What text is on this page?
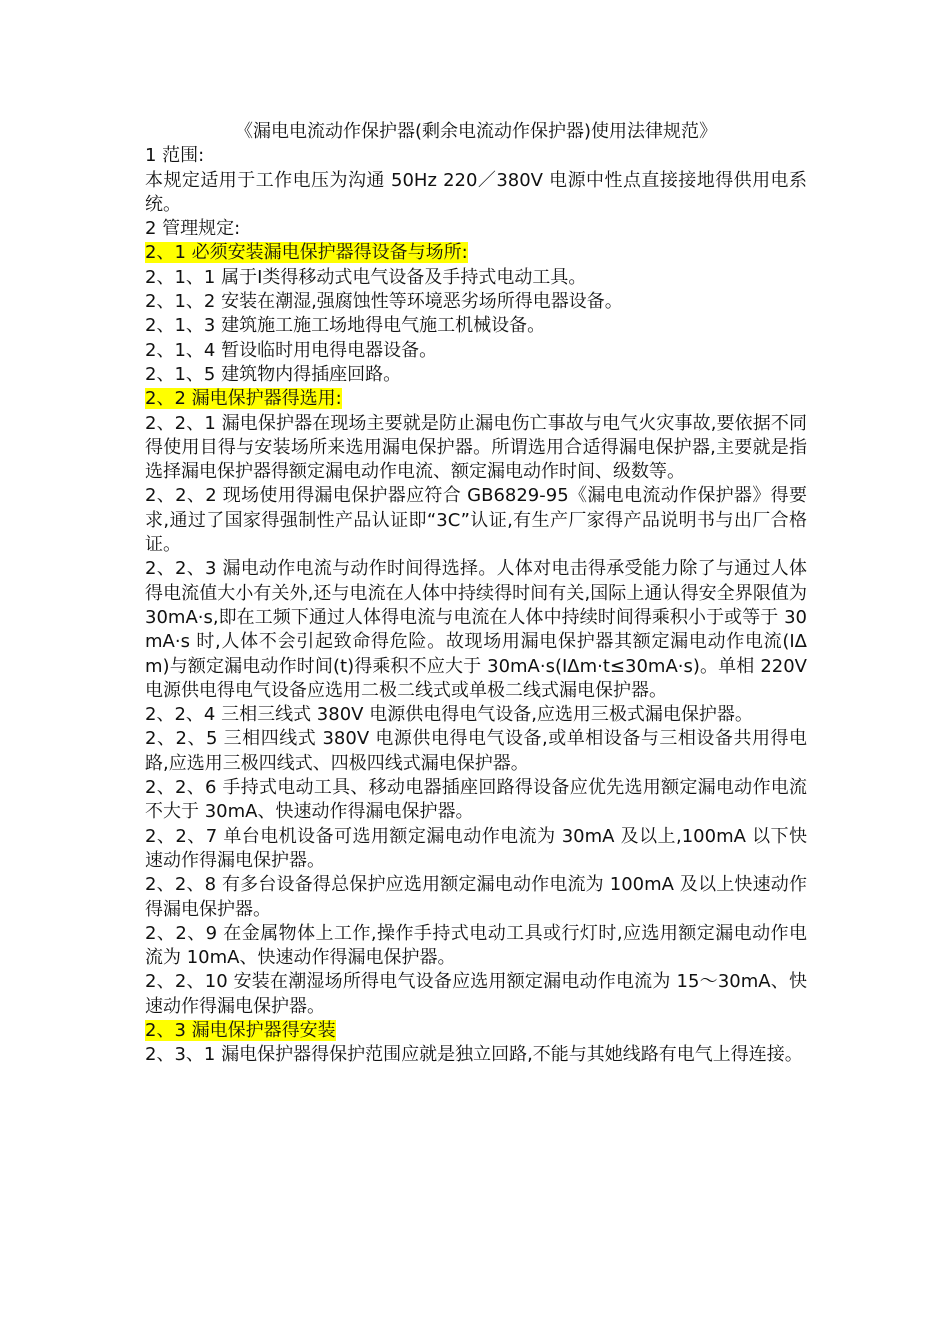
《漏电电流动作保护器(剩余电流动作保护器)使用法律规范》

1 范围:

本规定适用于工作电压为沟通 50Hz 220／380V 电源中性点直接接地得供用电系统。

2 管理规定:

2、1 必须安装漏电保护器得设备与场所:

2、1、1 属于Ⅰ类得移动式电气设备及手持式电动工具。

2、1、2 安装在潮湿,强腐蚀性等环境恶劣场所得电器设备。

2、1、3 建筑施工施工场地得电气施工机械设备。

2、1、4 暂设临时用电得电器设备。

2、1、5 建筑物内得插座回路。

2、2 漏电保护器得选用:

2、2、1 漏电保护器在现场主要就是防止漏电伤亡事故与电气火灾事故,要依据不同得使用目得与安装场所来选用漏电保护器。所谓选用合适得漏电保护器,主要就是指选择漏电保护器得额定漏电动作电流、额定漏电动作时间、级数等。

2、2、2 现场使用得漏电保护器应符合 GB6829-95《漏电电流动作保护器》得要求,通过了国家得强制性产品认证即“3C”认证,有生产厂家得产品说明书与出厂合格证。

2、2、3 漏电动作电流与动作时间得选择。人体对电击得承受能力除了与通过人体得电流值大小有关外,还与电流在人体中持续得时间有关,国际上通认得安全界限值为 30mA·s,即在工频下通过人体得电流与电流在人体中持续时间得乘积小于或等于 30mA·s 时,人体不会引起致命得危险。故现场用漏电保护器其额定漏电动作电流(IΔm)与额定漏电动作时间(t)得乘积不应大于 30mA·s(IΔm·t≤30mA·s)。单相 220V 电源供电得电气设备应选用二极二线式或单极二线式漏电保护器。

2、2、4 三相三线式 380V 电源供电得电气设备,应选用三极式漏电保护器。

2、2、5 三相四线式 380V 电源供电得电气设备,或单相设备与三相设备共用得电路,应选用三极四线式、四极四线式漏电保护器。

2、2、6 手持式电动工具、移动电器插座回路得设备应优先选用额定漏电动作电流不大于 30mA、快速动作得漏电保护器。

2、2、7 单台电机设备可选用额定漏电动作电流为 30mA 及以上,100mA 以下快速动作得漏电保护器。

2、2、8 有多台设备得总保护应选用额定漏电动作电流为 100mA 及以上快速动作得漏电保护器。

2、2、9 在金属物体上工作,操作手持式电动工具或行灯时,应选用额定漏电动作电流为 10mA、快速动作得漏电保护器。

2、2、10 安装在潮湿场所得电气设备应选用额定漏电动作电流为 15～30mA、快速动作得漏电保护器。

2、3 漏电保护器得安装

2、3、1 漏电保护器得保护范围应就是独立回路,不能与其她线路有电气上得连接。
